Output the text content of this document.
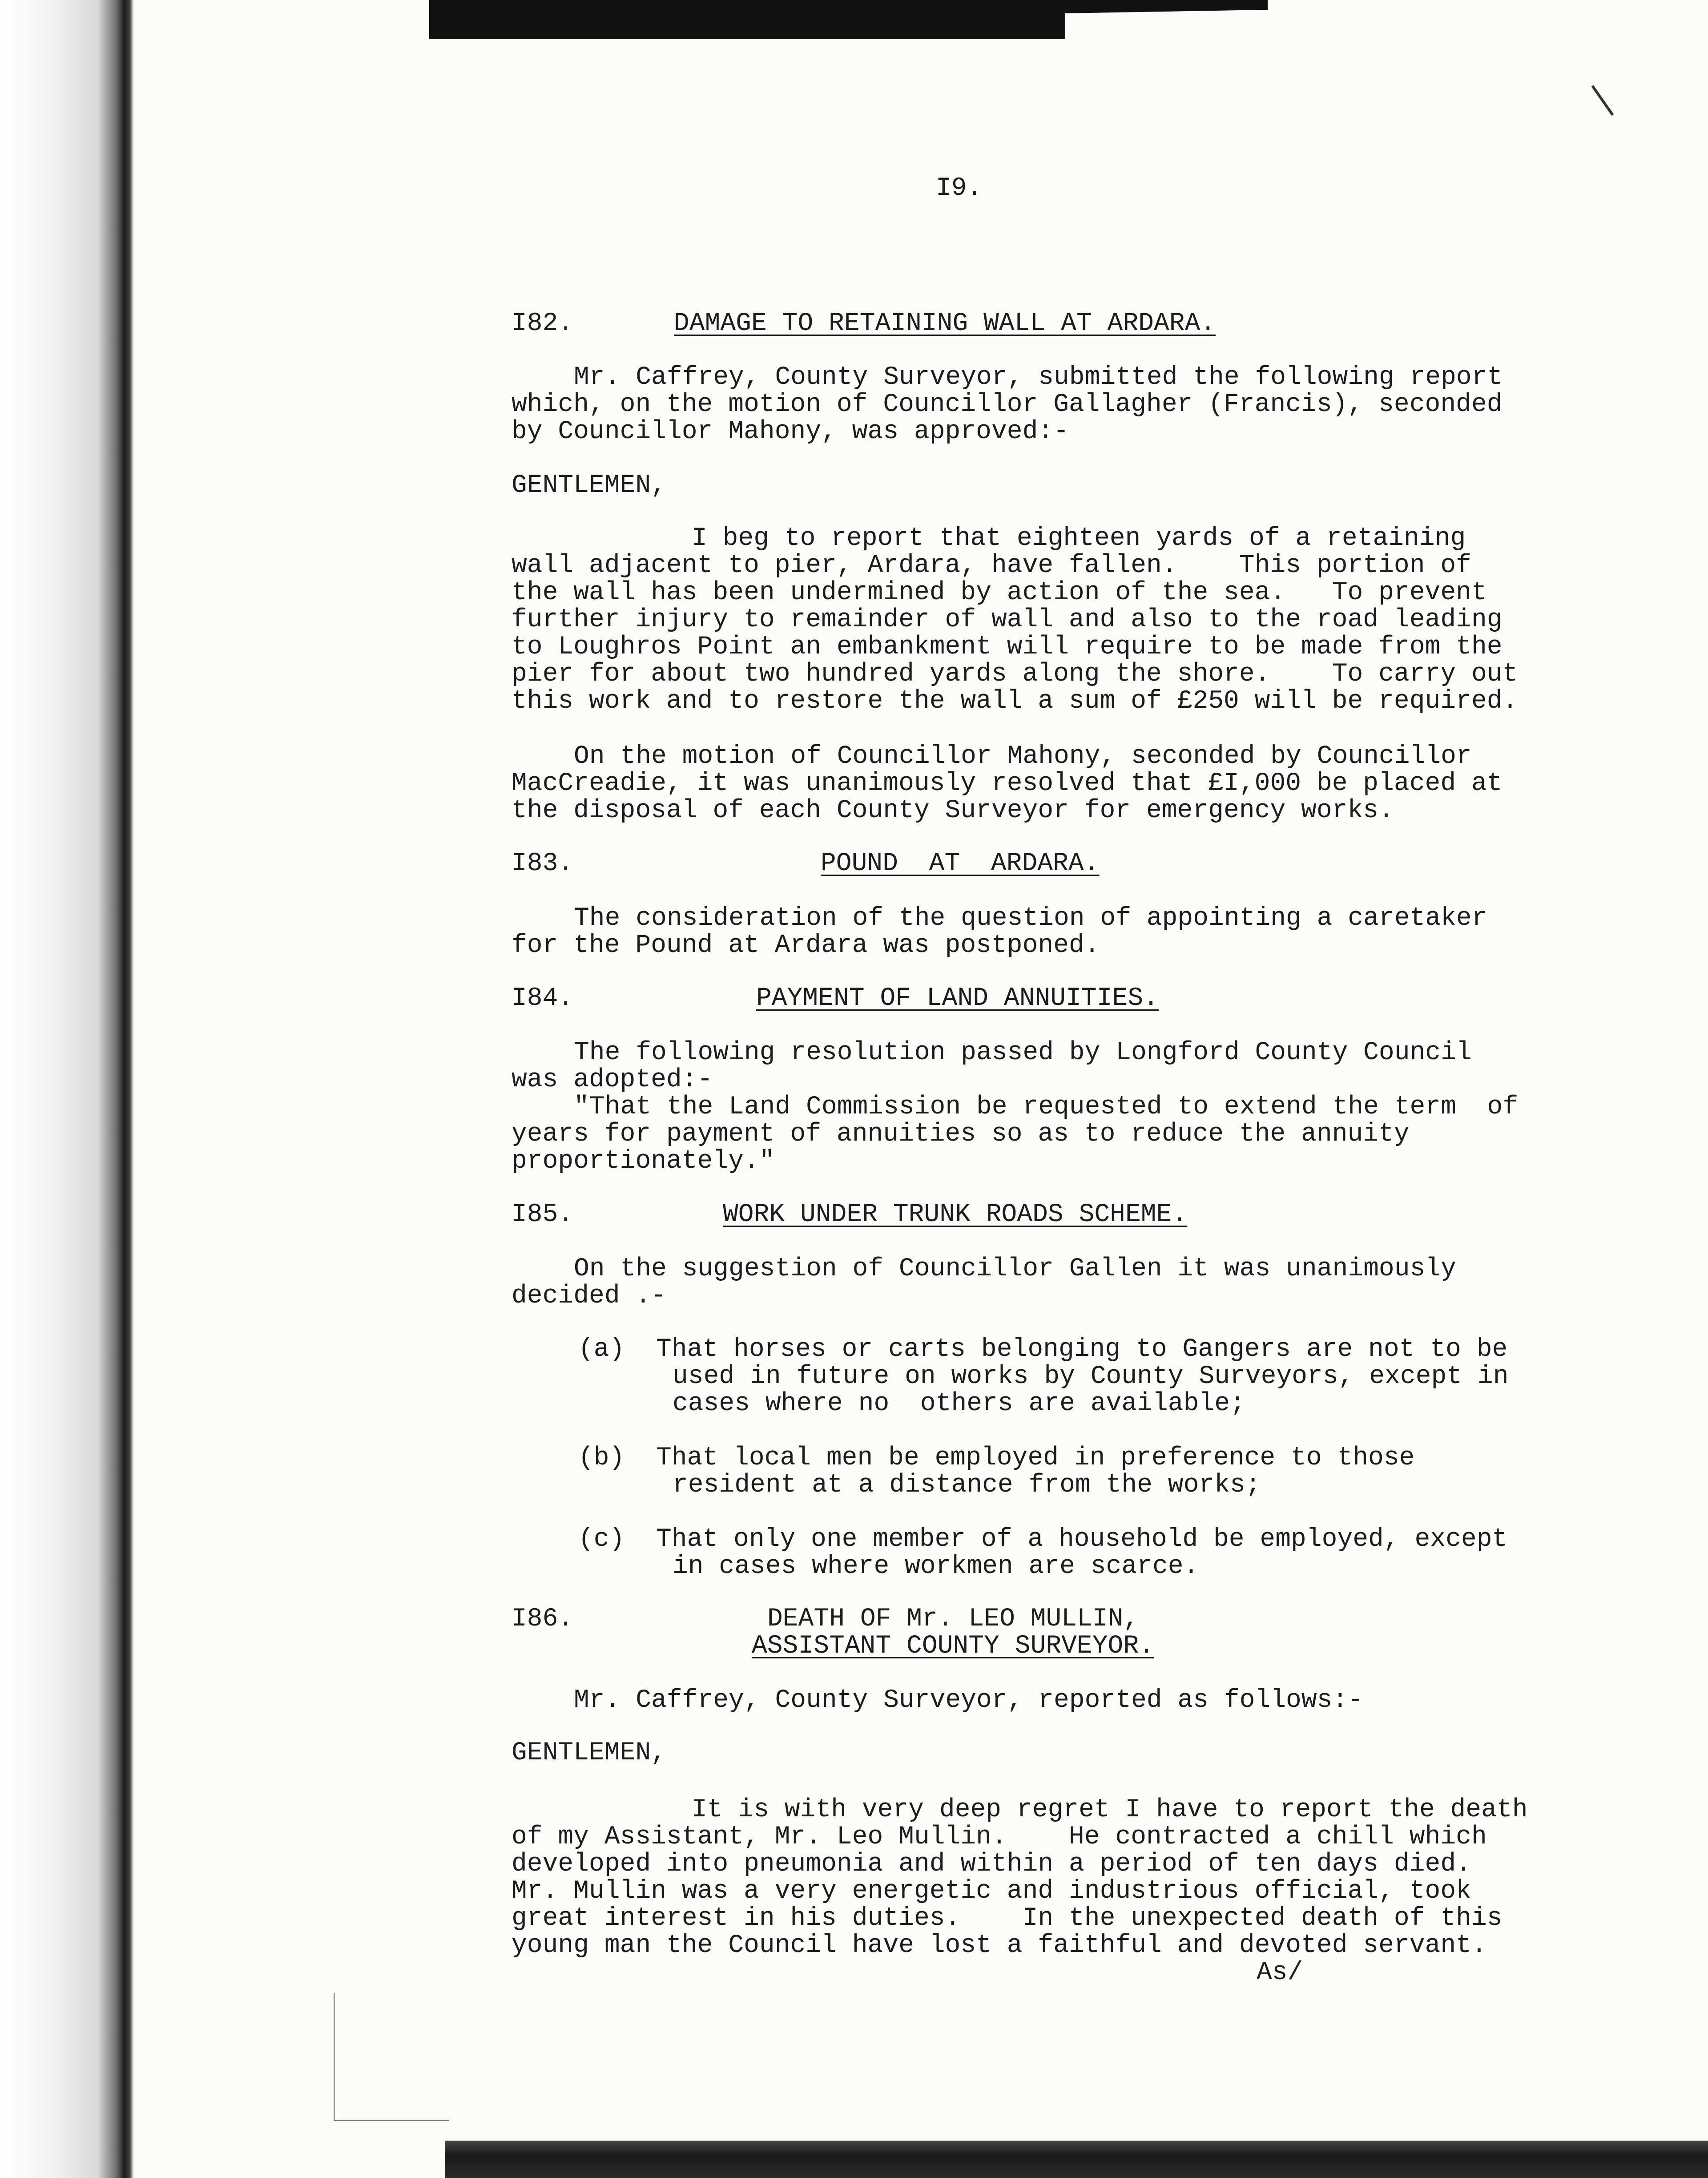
I9.
I82.	DAMAGE TO RETAINING WALL AT ARDARA.
Mr. Caffrey, County Surveyor, submitted the following report
which, on the motion of Councillor Gallagher (Francis), seconded
by Councillor Mahony, was approved:-
GENTLEMEN,
I beg to report that eighteen yards of a retaining
wall adjacent to pier, Ardara, have fallen.    This portion of
the wall has been undermined by action of the sea.   To prevent
further injury to remainder of wall and also to the road leading
to Loughros Point an embankment will require to be made from the
pier for about two hundred yards along the shore.    To carry out
this work and to restore the wall a sum of £250 will be required.
On the motion of Councillor Mahony, seconded by Councillor
MacCreadie, it was unanimously resolved that £I,000 be placed at
the disposal of each County Surveyor for emergency works.
I83.	POUND  AT  ARDARA.
The consideration of the question of appointing a caretaker
for the Pound at Ardara was postponed.
I84.	PAYMENT OF LAND ANNUITIES.
The following resolution passed by Longford County Council
was adopted:-
"That the Land Commission be requested to extend the term  of
years for payment of annuities so as to reduce the annuity
proportionately."
I85.	WORK UNDER TRUNK ROADS SCHEME.
On the suggestion of Councillor Gallen it was unanimously
decided .-
(a) That horses or carts belonging to Gangers are not to be
used in future on works by County Surveyors, except in
cases where no  others are available;
(b) That local men be employed in preference to those
resident at a distance from the works;
(c) That only one member of a household be employed, except
in cases where workmen are scarce.
I86.	DEATH OF Mr. LEO MULLIN,
ASSISTANT COUNTY SURVEYOR.
Mr. Caffrey, County Surveyor, reported as follows:-
GENTLEMEN,
It is with very deep regret I have to report the death
of my Assistant, Mr. Leo Mullin.    He contracted a chill which
developed into pneumonia and within a period of ten days died.
Mr. Mullin was a very energetic and industrious official, took
great interest in his duties.    In the unexpected death of this
young man the Council have lost a faithful and devoted servant.
As/
